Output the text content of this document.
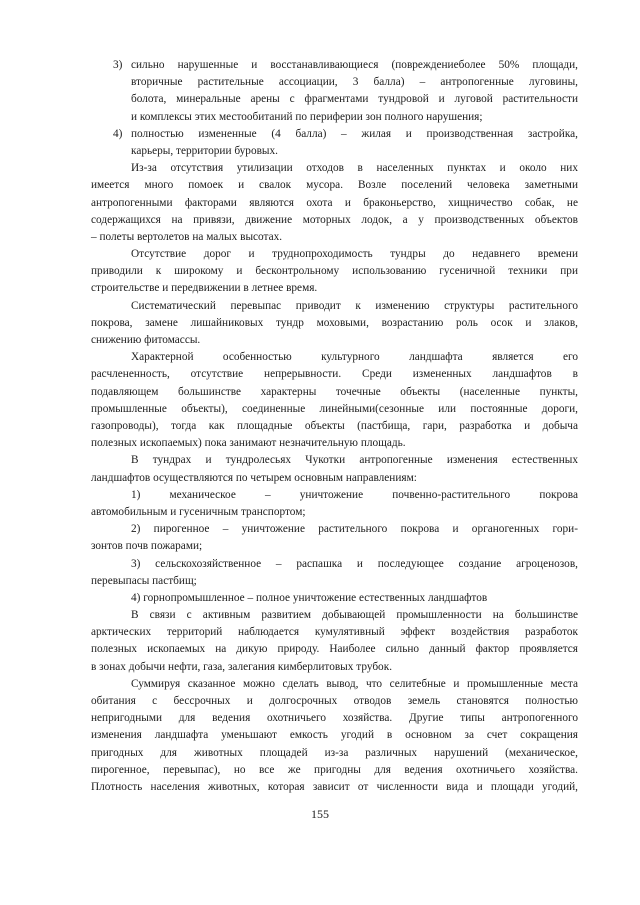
3) сильно нарушенные и восстанавливающиеся (повреждениеболее 50% площади,
вторичные растительные ассоциации, 3 балла) – антропогенные луговины,
болота, минеральные арены с фрагментами тундровой и луговой растительности
и комплексы этих местообитаний по периферии зон полного нарушения;
4) полностью измененные (4 балла) – жилая и производственная застройка,
карьеры, территории буровых.
Из-за отсутствия утилизации отходов в населенных пунктах и около них
имеется много помоек и свалок мусора. Возле поселений человека заметными
антропогенными факторами являются охота и браконьерство, хищничество собак, не
содержащихся на привязи, движение моторных лодок, а у производственных объектов
– полеты вертолетов на малых высотах.
Отсутствие дорог и труднопроходимость тундры до недавнего времени
приводили к широкому и бесконтрольному использованию гусеничной техники при
строительстве и передвижении в летнее время.
Систематический перевыпас приводит к изменению структуры растительного
покрова, замене лишайниковых тундр моховыми, возрастанию роль осок и злаков,
снижению фитомассы.
Характерной особенностью культурного ландшафта является его
расчлененность, отсутствие непрерывности. Среди измененных ландшафтов в
подавляющем большинстве характерны точечные объекты (населенные пункты,
промышленные объекты), соединенные линейными(сезонные или постоянные дороги,
газопроводы), тогда как площадные объекты (пастбища, гари, разработка и добыча
полезных ископаемых) пока занимают незначительную площадь.
В тундрах и тундролесьях Чукотки антропогенные изменения естественных
ландшафтов осуществляются по четырем основным направлениям:
1) механическое – уничтожение почвенно-растительного покрова
автомобильным и гусеничным транспортом;
2) пирогенное – уничтожение растительного покрова и органогенных гори-
зонтов почв пожарами;
3) сельскохозяйственное – распашка и последующее создание агроценозов,
перевыпасы пастбищ;
4) горнопромышленное – полное уничтожение естественных ландшафтов
В связи с активным развитием добывающей промышленности на большинстве
арктических территорий наблюдается кумулятивный эффект воздействия разработок
полезных ископаемых на дикую природу. Наиболее сильно данный фактор проявляется
в зонах добычи нефти, газа, залегания кимберлитовых трубок.
Суммируя сказанное можно сделать вывод, что селитебные и промышленные места
обитания с бессрочных и долгосрочных отводов земель становятся полностью
непригодными для ведения охотничьего хозяйства. Другие типы антропогенного
изменения ландшафта уменьшают емкость угодий в основном за счет сокращения
пригодных для животных площадей из-за различных нарушений (механическое,
пирогенное, перевыпас), но все же пригодны для ведения охотничьего хозяйства.
Плотность населения животных, которая зависит от численности вида и площади угодий,
155
